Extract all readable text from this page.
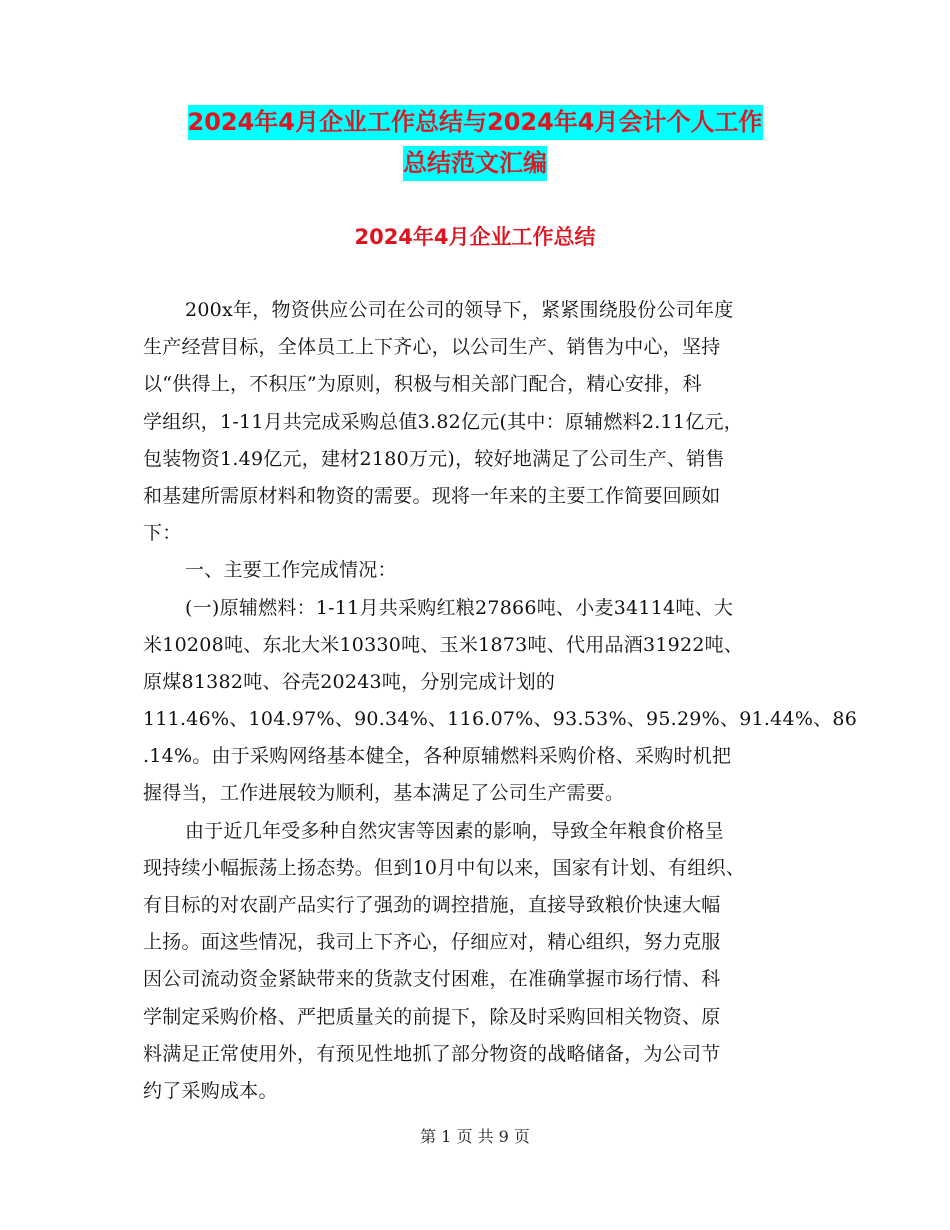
2024年4月企业工作总结与2024年4月会计个人工作
总结范文汇编
2024年4月企业工作总结
200x年，物资供应公司在公司的领导下，紧紧围绕股份公司年度
生产经营目标，全体员工上下齐心，以公司生产、销售为中心，坚持
以“供得上，不积压”为原则，积极与相关部门配合，精心安排，科
学组织，1-11月共完成采购总值3.82亿元(其中：原辅燃料2.11亿元，
包装物资1.49亿元，建材2180万元)，较好地满足了公司生产、销售
和基建所需原材料和物资的需要。现将一年来的主要工作简要回顾如
下：
一、主要工作完成情况：
(一)原辅燃料：1-11月共采购红粮27866吨、小麦34114吨、大
米10208吨、东北大米10330吨、玉米1873吨、代用品酒31922吨、
原煤81382吨、谷壳20243吨，分别完成计划的
111.46%、104.97%、90.34%、116.07%、93.53%、95.29%、91.44%、86
.14%。由于采购网络基本健全，各种原辅燃料采购价格、采购时机把
握得当，工作进展较为顺利，基本满足了公司生产需要。
由于近几年受多种自然灾害等因素的影响，导致全年粮食价格呈
现持续小幅振荡上扬态势。但到10月中旬以来，国家有计划、有组织、
有目标的对农副产品实行了强劲的调控措施，直接导致粮价快速大幅
上扬。面这些情况，我司上下齐心，仔细应对，精心组织，努力克服
因公司流动资金紧缺带来的货款支付困难，在准确掌握市场行情、科
学制定采购价格、严把质量关的前提下，除及时采购回相关物资、原
料满足正常使用外，有预见性地抓了部分物资的战略储备，为公司节
约了采购成本。
第 1 页 共 9 页
